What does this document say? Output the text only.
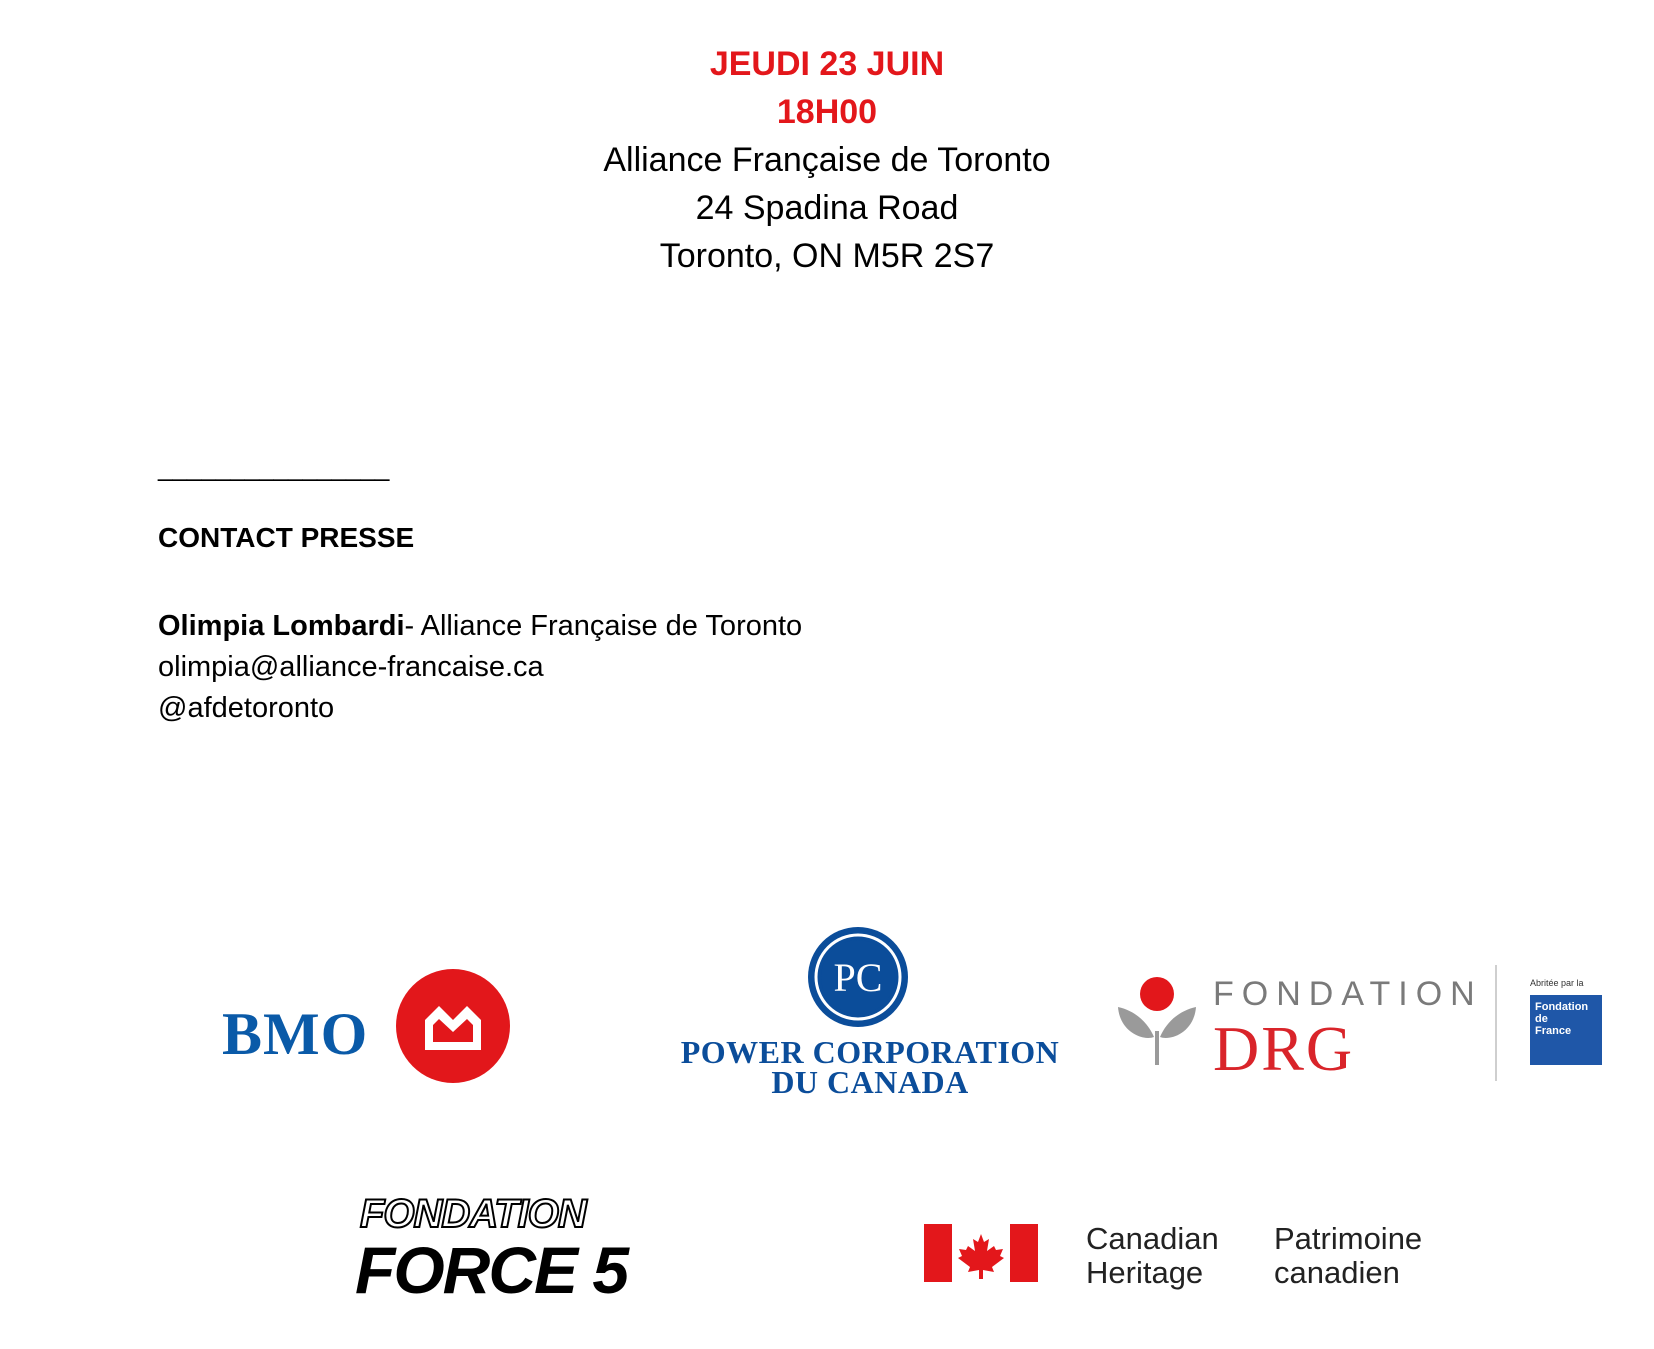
JEUDI 23 JUIN

18H00

Alliance Française de Toronto

24 Spadina Road

Toronto, ON M5R 2S7

________________
CONTACT PRESSE
Olimpia Lombardi- Alliance Française de Toronto
olimpia@alliance-francaise.ca
@afdetoronto
BMO
PC
POWER CORPORATION
DU CANADA
FONDATION
DRG
Abritée par la
Fondation
de
France
FONDATION
FORCE 5	Canadian
Heritage
Patrimoine
canadien
